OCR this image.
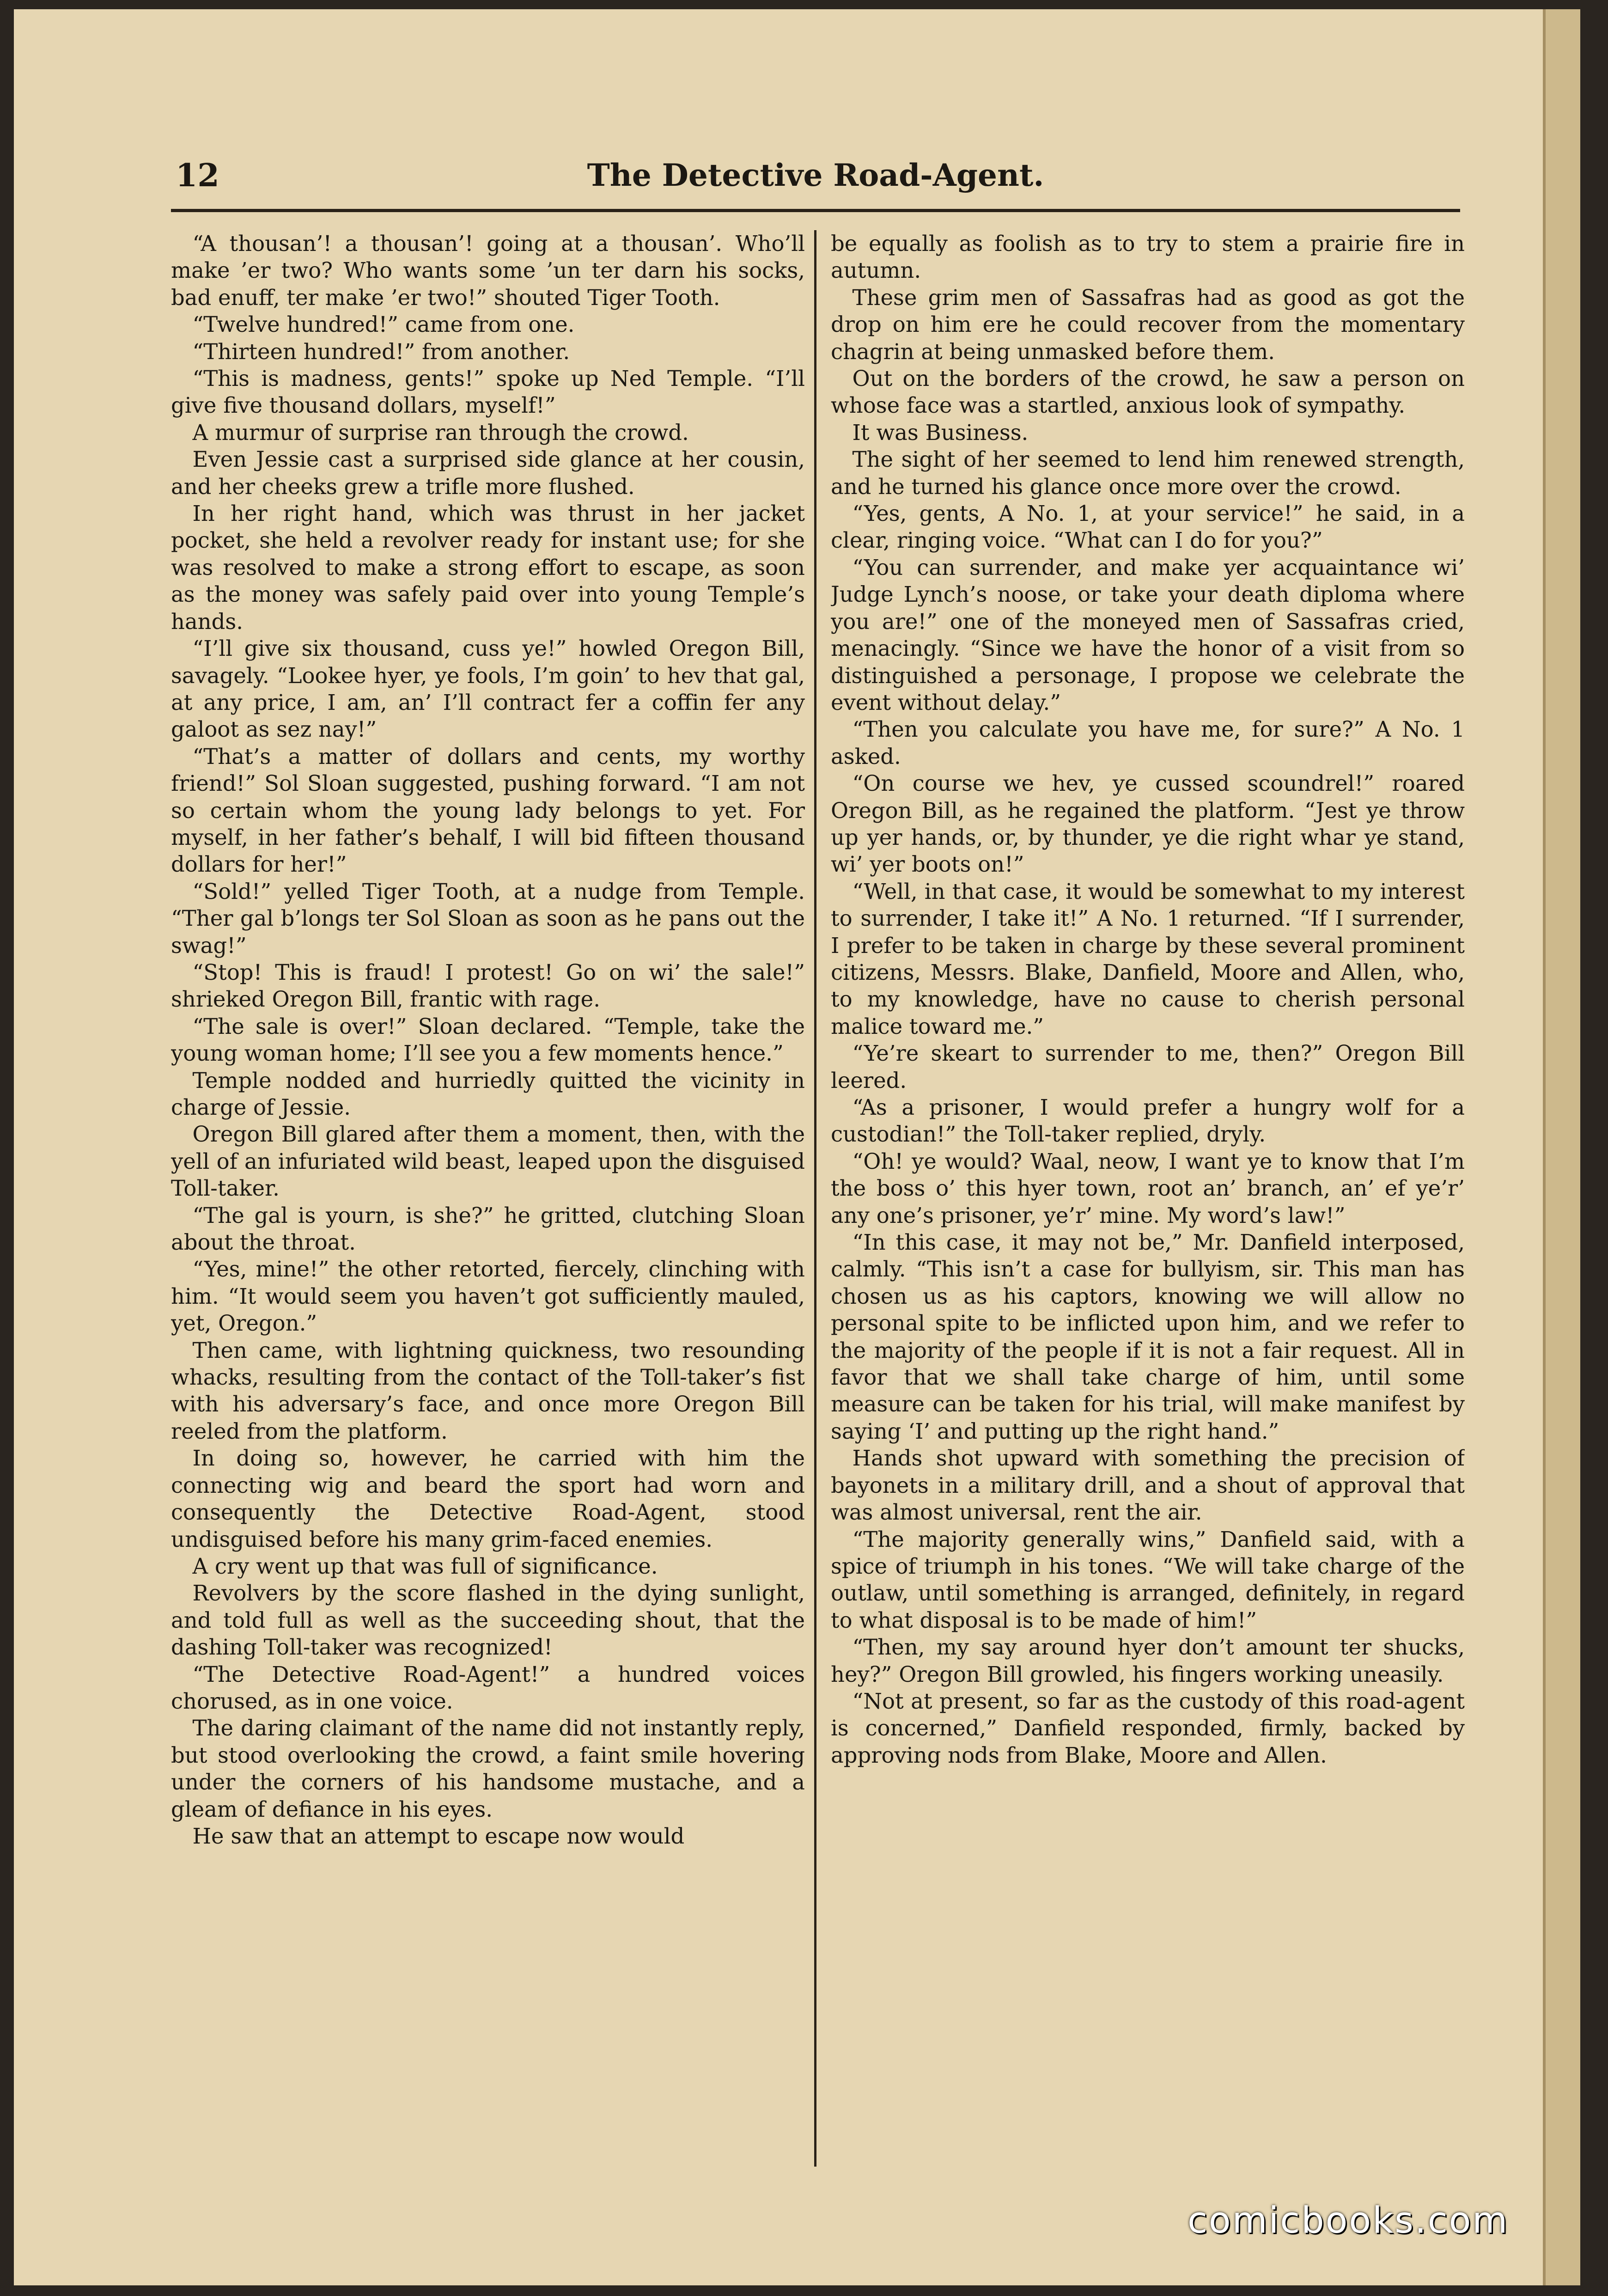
12	The Detective Road-Agent.

“A thousan’! a thousan’! going at a thousan’. Who’ll make ’er two? Who wants some ’un ter darn his socks, bad enuff, ter make ’er two!” shouted Tiger Tooth.

“Twelve hundred!” came from one.

“Thirteen hundred!” from another.

“This is madness, gents!” spoke up Ned Temple. “I’ll give five thousand dollars, myself!”

A murmur of surprise ran through the crowd.

Even Jessie cast a surprised side glance at her cousin, and her cheeks grew a trifle more flushed.

In her right hand, which was thrust in her jacket pocket, she held a revolver ready for instant use; for she was resolved to make a strong effort to escape, as soon as the money was safely paid over into young Temple’s hands.

“I’ll give six thousand, cuss ye!” howled Oregon Bill, savagely. “Lookee hyer, ye fools, I’m goin’ to hev that gal, at any price, I am, an’ I’ll contract fer a coffin fer any galoot as sez nay!”

“That’s a matter of dollars and cents, my worthy friend!” Sol Sloan suggested, pushing forward. “I am not so certain whom the young lady belongs to yet. For myself, in her father’s behalf, I will bid fifteen thousand dollars for her!”

“Sold!” yelled Tiger Tooth, at a nudge from Temple. “Ther gal b’longs ter Sol Sloan as soon as he pans out the swag!”

“Stop! This is fraud! I protest! Go on wi’ the sale!” shrieked Oregon Bill, frantic with rage.

“The sale is over!” Sloan declared. “Temple, take the young woman home; I’ll see you a few moments hence.”

Temple nodded and hurriedly quitted the vicinity in charge of Jessie.

Oregon Bill glared after them a moment, then, with the yell of an infuriated wild beast, leaped upon the disguised Toll-taker.

“The gal is yourn, is she?” he gritted, clutching Sloan about the throat.

“Yes, mine!” the other retorted, fiercely, clinching with him. “It would seem you haven’t got sufficiently mauled, yet, Oregon.”

Then came, with lightning quickness, two resounding whacks, resulting from the contact of the Toll-taker’s fist with his adversary’s face, and once more Oregon Bill reeled from the platform.

In doing so, however, he carried with him the connecting wig and beard the sport had worn and consequently the Detective Road-Agent, stood undisguised before his many grim-faced enemies.

A cry went up that was full of significance.

Revolvers by the score flashed in the dying sunlight, and told full as well as the succeeding shout, that the dashing Toll-taker was recognized!

“The Detective Road-Agent!” a hundred voices chorused, as in one voice.

The daring claimant of the name did not instantly reply, but stood overlooking the crowd, a faint smile hovering under the corners of his handsome mustache, and a gleam of defiance in his eyes.

He saw that an attempt to escape now would

be equally as foolish as to try to stem a prairie fire in autumn.

These grim men of Sassafras had as good as got the drop on him ere he could recover from the momentary chagrin at being unmasked before them.

Out on the borders of the crowd, he saw a person on whose face was a startled, anxious look of sympathy.

It was Business.

The sight of her seemed to lend him renewed strength, and he turned his glance once more over the crowd.

“Yes, gents, A No. 1, at your service!” he said, in a clear, ringing voice. “What can I do for you?”

“You can surrender, and make yer acquaintance wi’ Judge Lynch’s noose, or take your death diploma where you are!” one of the moneyed men of Sassafras cried, menacingly. “Since we have the honor of a visit from so distinguished a personage, I propose we celebrate the event without delay.”

“Then you calculate you have me, for sure?” A No. 1 asked.

“On course we hev, ye cussed scoundrel!” roared Oregon Bill, as he regained the platform. “Jest ye throw up yer hands, or, by thunder, ye die right whar ye stand, wi’ yer boots on!”

“Well, in that case, it would be somewhat to my interest to surrender, I take it!” A No. 1 returned. “If I surrender, I prefer to be taken in charge by these several prominent citizens, Messrs. Blake, Danfield, Moore and Allen, who, to my knowledge, have no cause to cherish personal malice toward me.”

“Ye’re skeart to surrender to me, then?” Oregon Bill leered.

“As a prisoner, I would prefer a hungry wolf for a custodian!” the Toll-taker replied, dryly.

“Oh! ye would? Waal, neow, I want ye to know that I’m the boss o’ this hyer town, root an’ branch, an’ ef ye’r’ any one’s prisoner, ye’r’ mine. My word’s law!”

“In this case, it may not be,” Mr. Danfield interposed, calmly. “This isn’t a case for bullyism, sir. This man has chosen us as his captors, knowing we will allow no personal spite to be inflicted upon him, and we refer to the majority of the people if it is not a fair request. All in favor that we shall take charge of him, until some measure can be taken for his trial, will make manifest by saying ‘I’ and putting up the right hand.”

Hands shot upward with something the precision of bayonets in a military drill, and a shout of approval that was almost universal, rent the air.

“The majority generally wins,” Danfield said, with a spice of triumph in his tones. “We will take charge of the outlaw, until something is arranged, definitely, in regard to what disposal is to be made of him!”

“Then, my say around hyer don’t amount ter shucks, hey?” Oregon Bill growled, his fingers working uneasily.

“Not at present, so far as the custody of this road-agent is concerned,” Danfield responded, firmly, backed by approving nods from Blake, Moore and Allen.

comicbooks.com
